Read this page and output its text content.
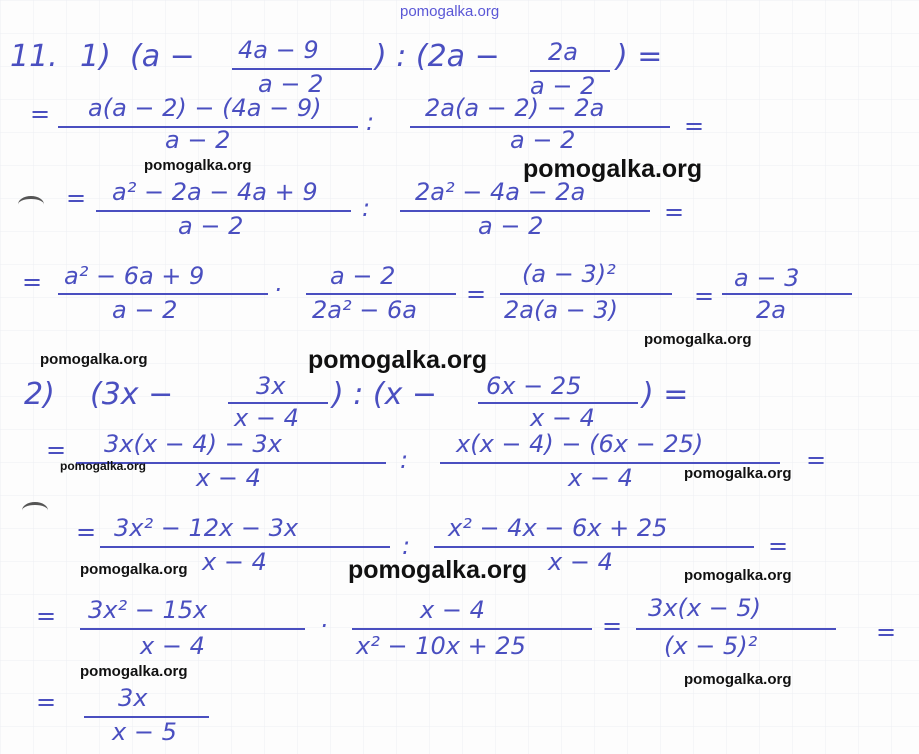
pomogalka.org
11. 1) (a − 4a − 9
a − 2
) : (2a − 2a
a − 2
) =
= a(a − 2) − (4a − 9)
a − 2
: 2a(a − 2) − 2a
a − 2	=
pomogalka.org	pomogalka.org
= a² − 2a − 4a + 9
a − 2
:
2a² − 4a − 2a
a − 2	=
= a² − 6a + 9
a − 2
· a − 2
2a² − 6a
=
(a − 3)²
2a(a − 3)	=
a − 3
2a
pomogalka.org
pomogalka.org	pomogalka.org
2) (3x −	3x
x − 4
) : (x − 6x − 25
x − 4
) =
= 3x(x − 4) − 3x
x − 4
:
x(x − 4) − (6x − 25)
x − 4
=
pomogalka.org	pomogalka.org
= 3x² − 12x − 3x
x − 4
:
x² − 4x − 6x + 25
x − 4
=
pomogalka.org	pomogalka.org	pomogalka.org
= 3x² − 15x
x − 4
·
x − 4
x² − 10x + 25
=
3x(x − 5)
(x − 5)²	=
pomogalka.org	pomogalka.org
=	3x
x − 5
